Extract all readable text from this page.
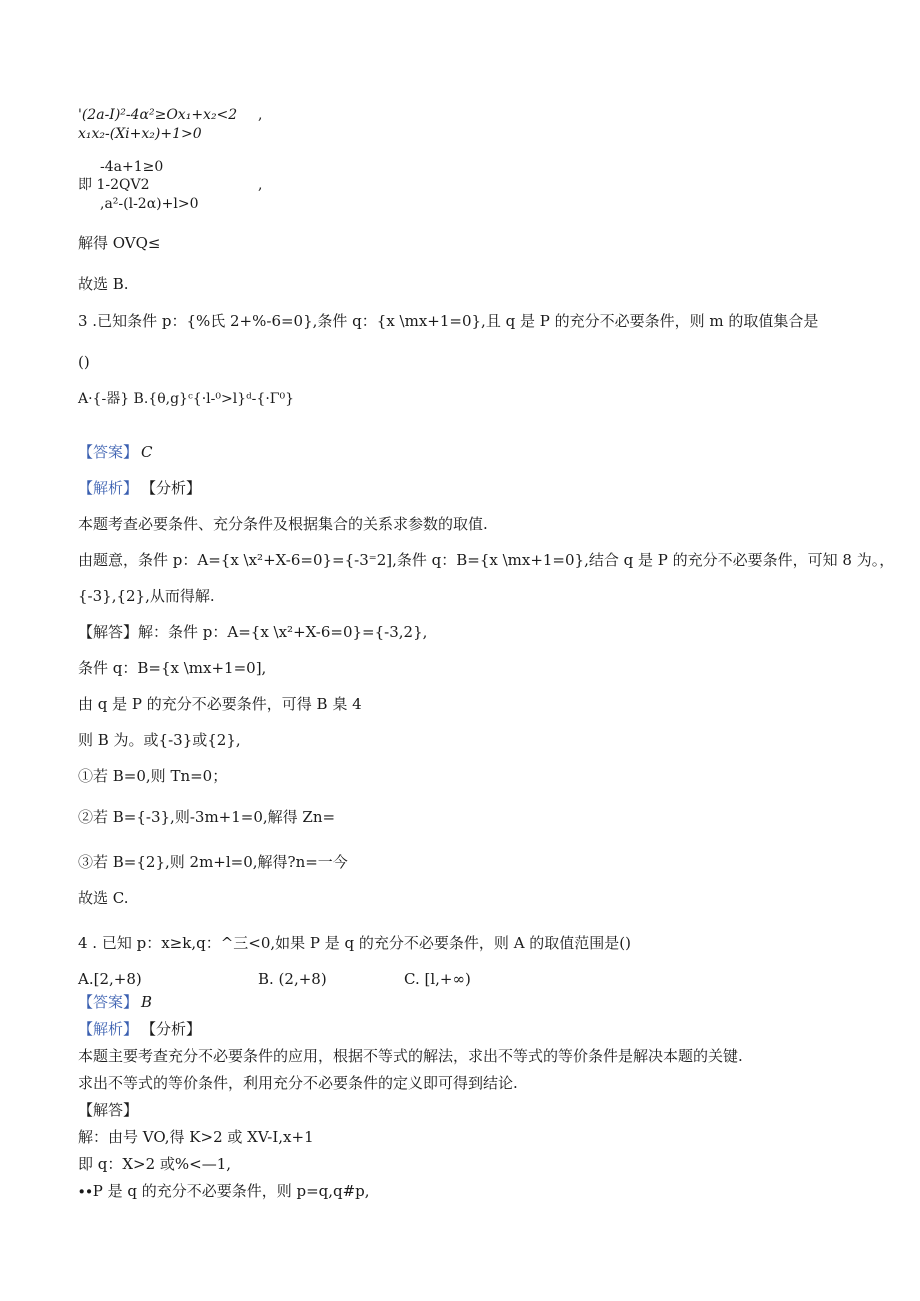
'(2a-I)²-4α²≥Ox₁+x₂<2 ,
x₁x₂-(Xi+x₂)+1>0
-4a+1≥0
即 1-2QV2	,
,a²-(l-2α)+l>0
解得 OVQ≤
故选 B.
3 .已知条件 p：{%氏 2+%-6=0},条件 q：{x \mx+1=0},且 q 是 P 的充分不必要条件，则 m 的取值集合是
()
A·{-器} B.{θ,g}ᶜ{·l-⁰>l}ᵈ-{·Γ⁰}
【答案】 C
【解析】 【分析】
本题考查必要条件、充分条件及根据集合的关系求参数的取值.
由题意，条件 p：A={x \x²+X-6=0}={-3⁼2],条件 q：B={x \mx+1=0},结合 q 是 P 的充分不必要条件，可知 8 为。，
{-3},{2},从而得解.
【解答】解：条件 p：A={x \x²+X-6=0}={-3,2},
条件 q：B={x \mx+1=0],
由 q 是 P 的充分不必要条件，可得 B 臬 4
则 B 为。或{-3}或{2},
①若 B=0,则 Tn=0；
②若 B={-3},则-3m+1=0,解得 Zn=
③若 B={2},则 2m+l=0,解得?n=一今
故选 C.
4 . 已知 p：x≥k,q：^三<0,如果 P 是 q 的充分不必要条件，则 A 的取值范围是()
A.[2,+8)	B. (2,+8)	C. [l,+∞)
【答案】 B
【解析】 【分析】
本题主要考查充分不必要条件的应用，根据不等式的解法，求出不等式的等价条件是解决本题的关键.
求出不等式的等价条件，利用充分不必要条件的定义即可得到结论.
【解答】
解：由号 VO,得 K>2 或 XV-I,x+1
即 q：X>2 或%<—1,
∙∙P 是 q 的充分不必要条件，则 p=q,q#p,
